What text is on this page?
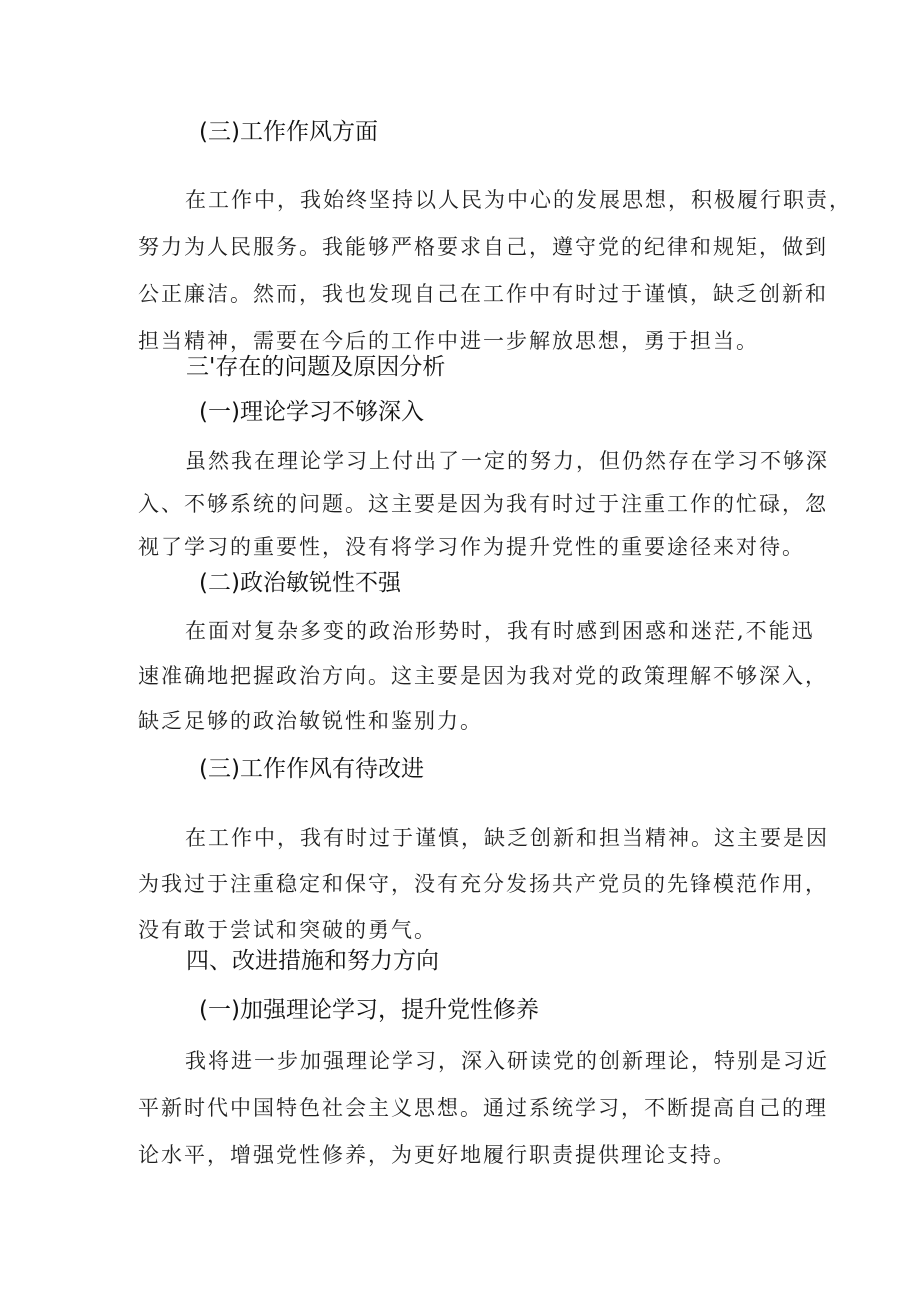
(三)工作作风方面
在工作中，我始终坚持以人民为中心的发展思想，积极履行职责，
努力为人民服务。我能够严格要求自己，遵守党的纪律和规矩，做到
公正廉洁。然而，我也发现自己在工作中有时过于谨慎，缺乏创新和
担当精神，需要在今后的工作中进一步解放思想，勇于担当。
三'存在的问题及原因分析
(一)理论学习不够深入
虽然我在理论学习上付出了一定的努力，但仍然存在学习不够深
入、不够系统的问题。这主要是因为我有时过于注重工作的忙碌，忽
视了学习的重要性，没有将学习作为提升党性的重要途径来对待。
(二)政治敏锐性不强
在面对复杂多变的政治形势时，我有时感到困惑和迷茫,不能迅
速准确地把握政治方向。这主要是因为我对党的政策理解不够深入，
缺乏足够的政治敏锐性和鉴别力。
(三)工作作风有待改进
在工作中，我有时过于谨慎，缺乏创新和担当精神。这主要是因
为我过于注重稳定和保守，没有充分发扬共产党员的先锋模范作用，
没有敢于尝试和突破的勇气。
四、改进措施和努力方向
(一)加强理论学习，提升党性修养
我将进一步加强理论学习，深入研读党的创新理论，特别是习近
平新时代中国特色社会主义思想。通过系统学习，不断提高自己的理
论水平，增强党性修养，为更好地履行职责提供理论支持。
